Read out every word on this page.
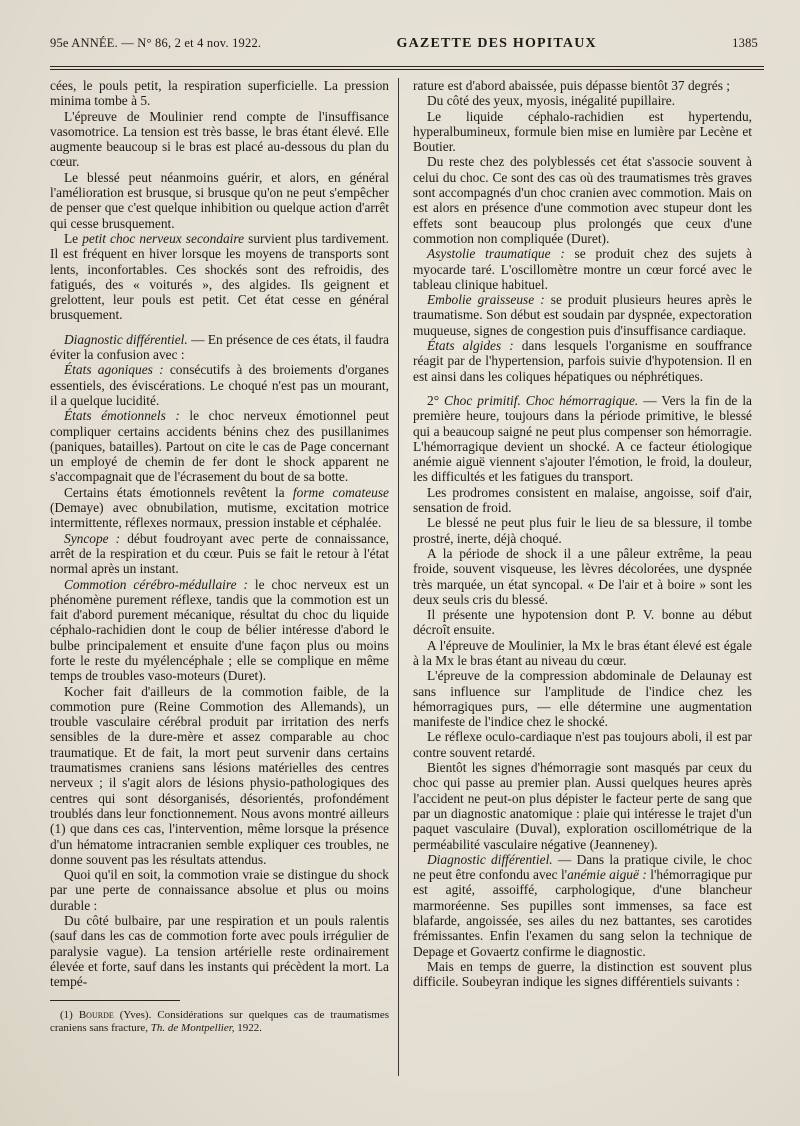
95e ANNÉE. — N° 86, 2 et 4 nov. 1922.	GAZETTE DES HOPITAUX	1385

cées, le pouls petit, la respiration superficielle. La pression minima tombe à 5.

L'épreuve de Moulinier rend compte de l'insuffisance vasomotrice. La tension est très basse, le bras étant élevé. Elle augmente beaucoup si le bras est placé au-dessous du plan du cœur.

Le blessé peut néanmoins guérir, et alors, en général l'amélioration est brusque, si brusque qu'on ne peut s'empêcher de penser que c'est quelque inhibition ou quelque action d'arrêt qui cesse brusquement.

Le petit choc nerveux secondaire survient plus tardivement. Il est fréquent en hiver lorsque les moyens de transports sont lents, inconfortables. Ces shockés sont des refroidis, des fatigués, des « voiturés », des algides. Ils geignent et grelottent, leur pouls est petit. Cet état cesse en général brusquement.

Diagnostic différentiel. — En présence de ces états, il faudra éviter la confusion avec :

États agoniques : consécutifs à des broiements d'organes essentiels, des éviscérations. Le choqué n'est pas un mourant, il a quelque lucidité.

États émotionnels : le choc nerveux émotionnel peut compliquer certains accidents bénins chez des pusillanimes (paniques, batailles). Partout on cite le cas de Page concernant un employé de chemin de fer dont le shock apparent ne s'accompagnait que de l'écrasement du bout de sa botte.

Certains états émotionnels revêtent la forme comateuse (Demaye) avec obnubilation, mutisme, excitation motrice intermittente, réflexes normaux, pression instable et céphalée.

Syncope : début foudroyant avec perte de connaissance, arrêt de la respiration et du cœur. Puis se fait le retour à l'état normal après un instant.

Commotion cérébro-médullaire : le choc nerveux est un phénomène purement réflexe, tandis que la commotion est un fait d'abord purement mécanique, résultat du choc du liquide céphalo-rachidien dont le coup de bélier intéresse d'abord le bulbe principalement et ensuite d'une façon plus ou moins forte le reste du myélencéphale ; elle se complique en même temps de troubles vaso-moteurs (Duret).

Kocher fait d'ailleurs de la commotion faible, de la commotion pure (Reine Commotion des Allemands), un trouble vasculaire cérébral produit par irritation des nerfs sensibles de la dure-mère et assez comparable au choc traumatique. Et de fait, la mort peut survenir dans certains traumatismes craniens sans lésions matérielles des centres nerveux ; il s'agit alors de lésions physio-pathologiques des centres qui sont désorganisés, désorientés, profondément troublés dans leur fonctionnement. Nous avons montré ailleurs (1) que dans ces cas, l'intervention, même lorsque la présence d'un hématome intracranien semble expliquer ces troubles, ne donne souvent pas les résultats attendus.

Quoi qu'il en soit, la commotion vraie se distingue du shock par une perte de connaissance absolue et plus ou moins durable :

Du côté bulbaire, par une respiration et un pouls ralentis (sauf dans les cas de commotion forte avec pouls irrégulier de paralysie vague). La tension artérielle reste ordinairement élevée et forte, sauf dans les instants qui précèdent la mort. La tempé-

(1) Bourde (Yves). Considérations sur quelques cas de traumatismes craniens sans fracture, Th. de Montpellier, 1922.

rature est d'abord abaissée, puis dépasse bientôt 37 degrés ;

Du côté des yeux, myosis, inégalité pupillaire.

Le liquide céphalo-rachidien est hypertendu, hyperalbumineux, formule bien mise en lumière par Lecène et Boutier.

Du reste chez des polyblessés cet état s'associe souvent à celui du choc. Ce sont des cas où des traumatismes très graves sont accompagnés d'un choc cranien avec commotion. Mais on est alors en présence d'une commotion avec stupeur dont les effets sont beaucoup plus prolongés que ceux d'une commotion non compliquée (Duret).

Asystolie traumatique : se produit chez des sujets à myocarde taré. L'oscillomètre montre un cœur forcé avec le tableau clinique habituel.

Embolie graisseuse : se produit plusieurs heures après le traumatisme. Son début est soudain par dyspnée, expectoration muqueuse, signes de congestion puis d'insuffisance cardiaque.

États algides : dans lesquels l'organisme en souffrance réagit par de l'hypertension, parfois suivie d'hypotension. Il en est ainsi dans les coliques hépatiques ou néphrétiques.

2° Choc primitif. Choc hémorragique. — Vers la fin de la première heure, toujours dans la période primitive, le blessé qui a beaucoup saigné ne peut plus compenser son hémorragie. L'hémorragique devient un shocké. A ce facteur étiologique anémie aiguë viennent s'ajouter l'émotion, le froid, la douleur, les difficultés et les fatigues du transport.

Les prodromes consistent en malaise, angoisse, soif d'air, sensation de froid.

Le blessé ne peut plus fuir le lieu de sa blessure, il tombe prostré, inerte, déjà choqué.

A la période de shock il a une pâleur extrême, la peau froide, souvent visqueuse, les lèvres décolorées, une dyspnée très marquée, un état syncopal. « De l'air et à boire » sont les deux seuls cris du blessé.

Il présente une hypotension dont P. V. bonne au début décroît ensuite.

A l'épreuve de Moulinier, la Mx le bras étant élevé est égale à la Mx le bras étant au niveau du cœur.

L'épreuve de la compression abdominale de Delaunay est sans influence sur l'amplitude de l'indice chez les hémorragiques purs, — elle détermine une augmentation manifeste de l'indice chez le shocké.

Le réflexe oculo-cardiaque n'est pas toujours aboli, il est par contre souvent retardé.

Bientôt les signes d'hémorragie sont masqués par ceux du choc qui passe au premier plan. Aussi quelques heures après l'accident ne peut-on plus dépister le facteur perte de sang que par un diagnostic anatomique : plaie qui intéresse le trajet d'un paquet vasculaire (Duval), exploration oscillométrique de la perméabilité vasculaire négative (Jeanneney).

Diagnostic différentiel. — Dans la pratique civile, le choc ne peut être confondu avec l'anémie aiguë : l'hémorragique pur est agité, assoiffé, carphologique, d'une blancheur marmoréenne. Ses pupilles sont immenses, sa face est blafarde, angoissée, ses ailes du nez battantes, ses carotides frémissantes. Enfin l'examen du sang selon la technique de Depage et Govaertz confirme le diagnostic.

Mais en temps de guerre, la distinction est souvent plus difficile. Soubeyran indique les signes différentiels suivants :
